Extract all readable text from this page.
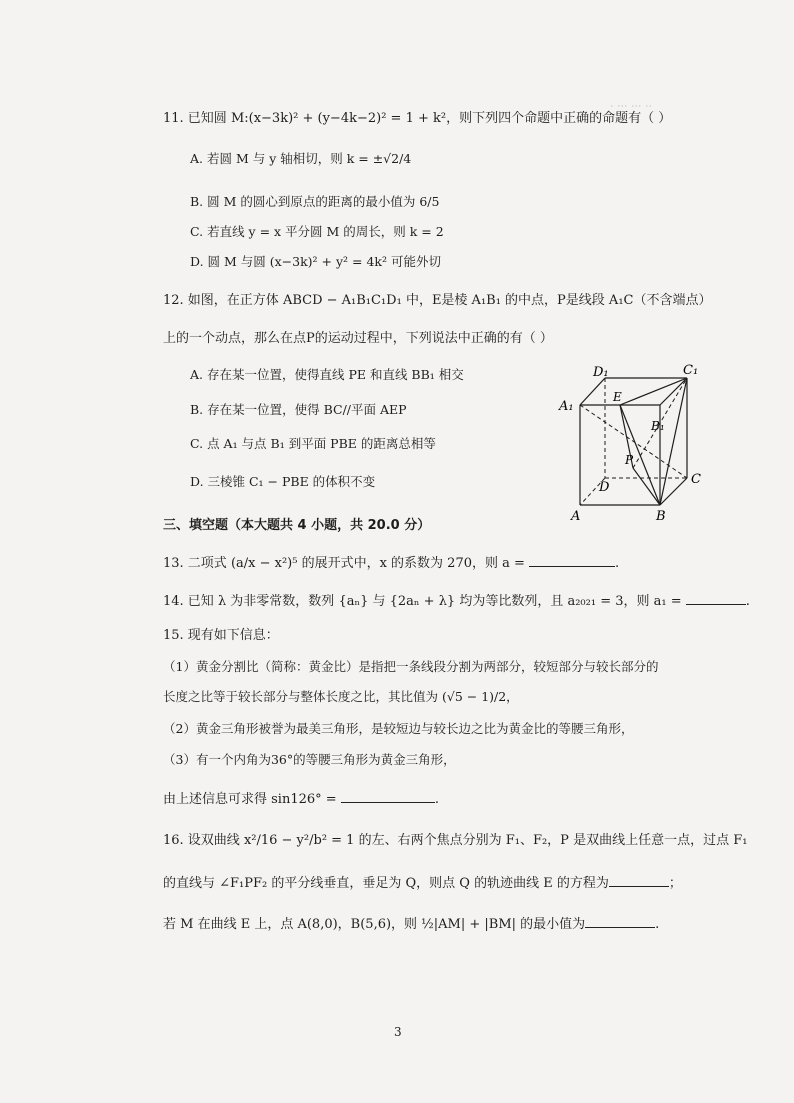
‧ ‧‧‧ ‧‧‧ ‧‧
11. 已知圆 M:(x−3k)² + (y−4k−2)² = 1 + k²，则下列四个命题中正确的命题有（ ）
A. 若圆 M 与 y 轴相切，则 k = ±√2/4
B. 圆 M 的圆心到原点的距离的最小值为 6/5
C. 若直线 y = x 平分圆 M 的周长，则 k = 2
D. 圆 M 与圆 (x−3k)² + y² = 4k² 可能外切
12. 如图，在正方体 ABCD − A₁B₁C₁D₁ 中，E是棱 A₁B₁ 的中点，P是线段 A₁C（不含端点）
上的一个动点，那么在点P的运动过程中，下列说法中正确的有（ ）
A. 存在某一位置，使得直线 PE 和直线 BB₁ 相交
B. 存在某一位置，使得 BC//平面 AEP
C. 点 A₁ 与点 B₁ 到平面 PBE 的距离总相等
D. 三棱锥 C₁ − PBE 的体积不变
D₁	C₁
A₁
E
B₁
P
D
C
A	B
三、填空题（本大题共 4 小题，共 20.0 分）
13. 二项式 (a/x − x²)⁵ 的展开式中，x 的系数为 270，则 a =	.
14. 已知 λ 为非零常数，数列 {aₙ} 与 {2aₙ + λ} 均为等比数列，且 a₂₀₂₁ = 3，则 a₁ =	.
15. 现有如下信息：
（1）黄金分割比（简称：黄金比）是指把一条线段分割为两部分，较短部分与较长部分的
长度之比等于较长部分与整体长度之比，其比值为 (√5 − 1)/2，
（2）黄金三角形被誉为最美三角形，是较短边与较长边之比为黄金比的等腰三角形，
（3）有一个内角为36°的等腰三角形为黄金三角形，
由上述信息可求得 sin126° =	.
16. 设双曲线 x²/16 − y²/b² = 1 的左、右两个焦点分别为 F₁、F₂，P 是双曲线上任意一点，过点 F₁
的直线与 ∠F₁PF₂ 的平分线垂直，垂足为 Q，则点 Q 的轨迹曲线 E 的方程为	；
若 M 在曲线 E 上，点 A(8,0)，B(5,6)，则 ½|AM| + |BM| 的最小值为	.
3
